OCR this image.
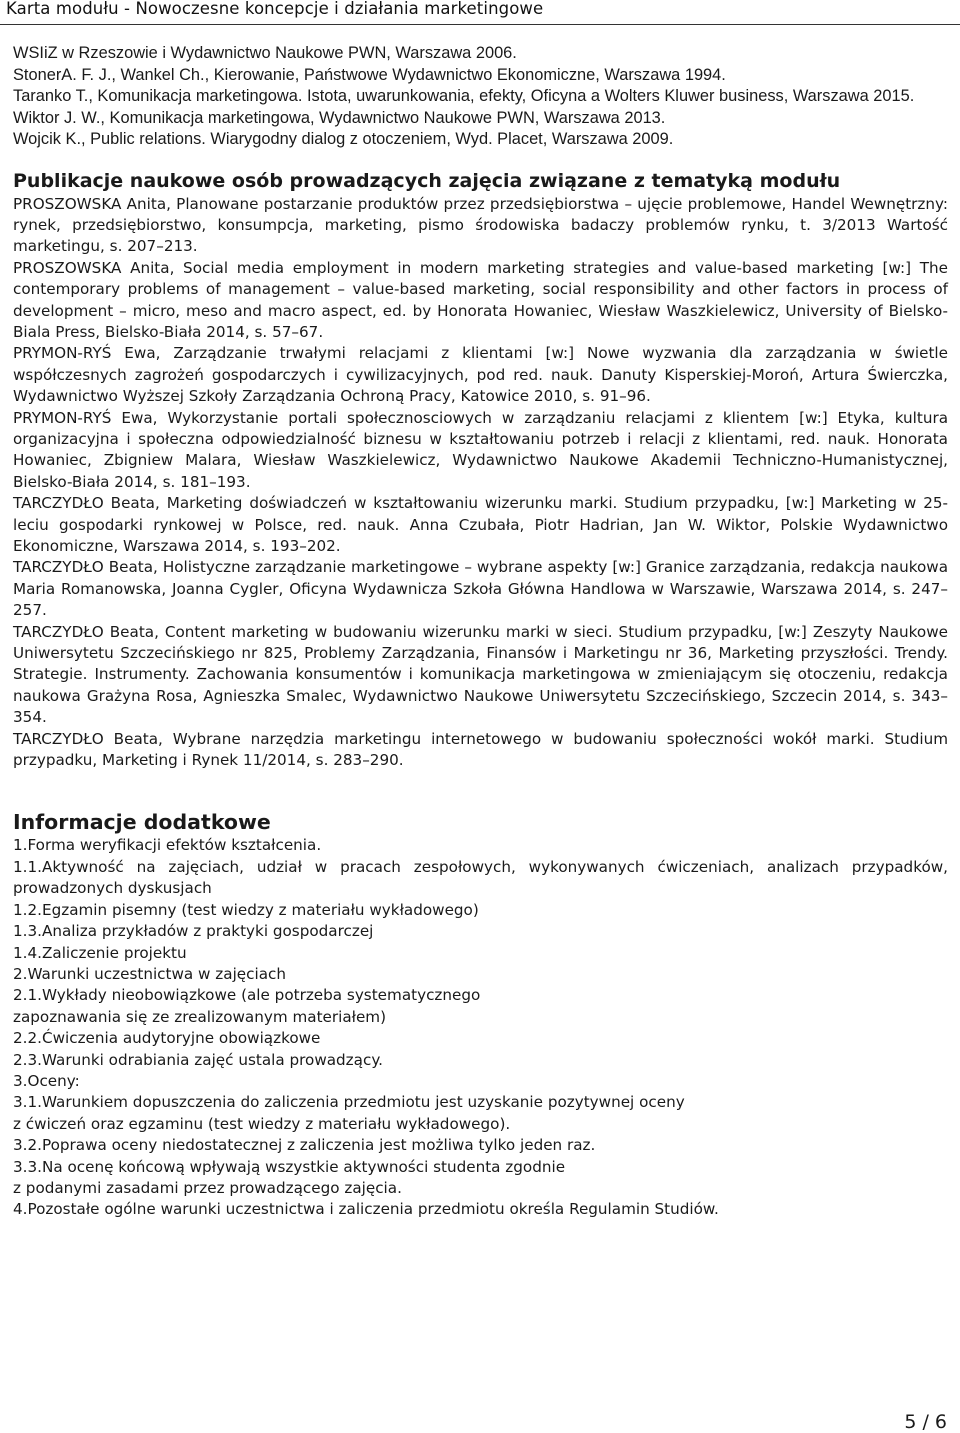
Karta modułu - Nowoczesne koncepcje i działania marketingowe

WSIiZ w Rzeszowie i Wydawnictwo Naukowe PWN, Warszawa 2006.

StonerA. F. J., Wankel Ch., Kierowanie, Państwowe Wydawnictwo Ekonomiczne, Warszawa 1994.

Taranko T., Komunikacja marketingowa. Istota, uwarunkowania, efekty, Oficyna a Wolters Kluwer business, Warszawa 2015.

Wiktor J. W., Komunikacja marketingowa, Wydawnictwo Naukowe PWN, Warszawa 2013.

Wojcik K., Public relations. Wiarygodny dialog z otoczeniem, Wyd. Placet, Warszawa 2009.

Publikacje naukowe osób prowadzących zajęcia związane z tematyką modułu

PROSZOWSKA Anita, Planowane postarzanie produktów przez przedsiębiorstwa – ujęcie problemowe, Handel Wewnętrzny: rynek, przedsiębiorstwo, konsumpcja, marketing, pismo środowiska badaczy problemów rynku, t. 3/2013 Wartość marketingu, s. 207–213.

PROSZOWSKA Anita, Social media employment in modern marketing strategies and value-based marketing [w:] The contemporary problems of management – value-based marketing, social responsibility and other factors in process of development – micro, meso and macro aspect, ed. by Honorata Howaniec, Wiesław Waszkielewicz, University of Bielsko-Biala Press, Bielsko-Biała 2014, s. 57–67.

PRYMON-RYŚ Ewa, Zarządzanie trwałymi relacjami z klientami [w:] Nowe wyzwania dla zarządzania w świetle współczesnych zagrożeń gospodarczych i cywilizacyjnych, pod red. nauk. Danuty Kisperskiej-Moroń, Artura Świerczka, Wydawnictwo Wyższej Szkoły Zarządzania Ochroną Pracy, Katowice 2010, s. 91–96.

PRYMON-RYŚ Ewa, Wykorzystanie portali społecznosciowych w zarządzaniu relacjami z klientem [w:] Etyka, kultura organizacyjna i społeczna odpowiedzialność biznesu w kształtowaniu potrzeb i relacji z klientami, red. nauk. Honorata Howaniec, Zbigniew Malara, Wiesław Waszkielewicz, Wydawnictwo Naukowe Akademii Techniczno-Humanistycznej, Bielsko-Biała 2014, s. 181–193.

TARCZYDŁO Beata, Marketing doświadczeń w kształtowaniu wizerunku marki. Studium przypadku, [w:] Marketing w 25-leciu gospodarki rynkowej w Polsce, red. nauk. Anna Czubała, Piotr Hadrian, Jan W. Wiktor, Polskie Wydawnictwo Ekonomiczne, Warszawa 2014, s. 193–202.

TARCZYDŁO Beata, Holistyczne zarządzanie marketingowe – wybrane aspekty [w:] Granice zarządzania, redakcja naukowa Maria Romanowska, Joanna Cygler, Oficyna Wydawnicza Szkoła Główna Handlowa w Warszawie, Warszawa 2014, s. 247–257.

TARCZYDŁO Beata, Content marketing w budowaniu wizerunku marki w sieci. Studium przypadku, [w:] Zeszyty Naukowe Uniwersytetu Szczecińskiego nr 825, Problemy Zarządzania, Finansów i Marketingu nr 36, Marketing przyszłości. Trendy. Strategie. Instrumenty. Zachowania konsumentów i komunikacja marketingowa w zmieniającym się otoczeniu, redakcja naukowa Grażyna Rosa, Agnieszka Smalec, Wydawnictwo Naukowe Uniwersytetu Szczecińskiego, Szczecin 2014, s. 343–354.

TARCZYDŁO Beata, Wybrane narzędzia marketingu internetowego w budowaniu społeczności wokół marki. Studium przypadku, Marketing i Rynek 11/2014, s. 283–290.

Informacje dodatkowe

1.Forma weryfikacji efektów kształcenia.

1.1.Aktywność na zajęciach, udział w pracach zespołowych, wykonywanych ćwiczeniach, analizach przypadków, prowadzonych dyskusjach

1.2.Egzamin pisemny (test wiedzy z materiału wykładowego)

1.3.Analiza przykładów z praktyki gospodarczej

1.4.Zaliczenie projektu

2.Warunki uczestnictwa w zajęciach

2.1.Wykłady nieobowiązkowe (ale potrzeba systematycznego

zapoznawania się ze zrealizowanym materiałem)

2.2.Ćwiczenia audytoryjne obowiązkowe

2.3.Warunki odrabiania zajęć ustala prowadzący.

3.Oceny:

3.1.Warunkiem dopuszczenia do zaliczenia przedmiotu jest uzyskanie pozytywnej oceny

z ćwiczeń oraz egzaminu (test wiedzy z materiału wykładowego).

3.2.Poprawa oceny niedostatecznej z zaliczenia jest możliwa tylko jeden raz.

3.3.Na ocenę końcową wpływają wszystkie aktywności studenta zgodnie

z podanymi zasadami przez prowadzącego zajęcia.

4.Pozostałe ogólne warunki uczestnictwa i zaliczenia przedmiotu określa Regulamin Studiów.

5 / 6
